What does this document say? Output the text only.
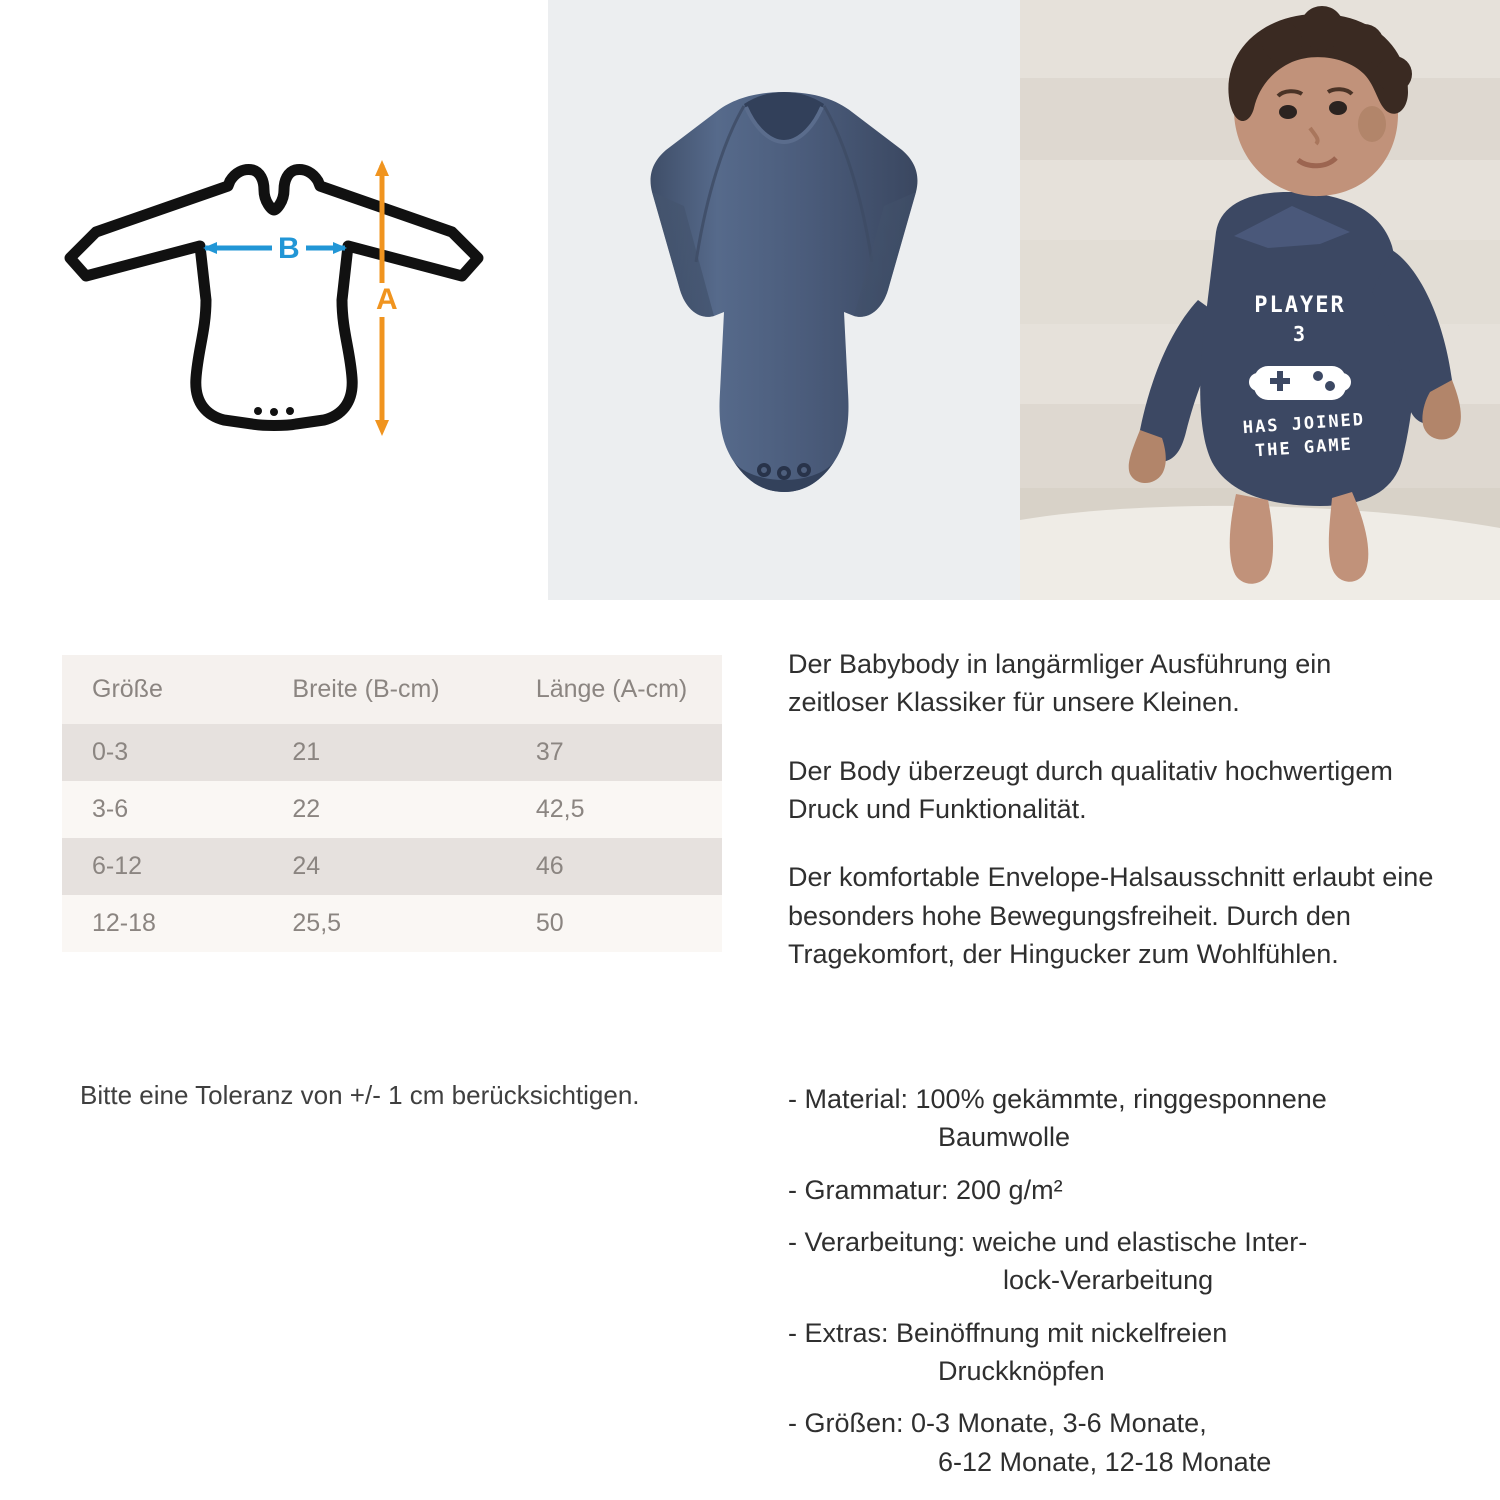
B
A	PLAYER
3
HAS JOINED
THE GAME
Größe	Breite (B-cm)	Länge (A-cm)
0-3	21	37
3-6	22	42,5
6-12	24	46
12-18	25,5	50
Bitte eine Toleranz von +/- 1 cm berücksichtigen.

Der Babybody in langärmliger Ausführung ein zeitloser Klassiker für unsere Kleinen.

Der Body überzeugt durch qualitativ hochwertigem Druck und Funktionalität.

Der komfortable Envelope-Halsausschnitt erlaubt eine besonders hohe Bewegungsfreiheit. Durch den Tragekomfort, der Hingucker zum Wohlfühlen.

- Material: 100% gekämmte, ringgesponnene
Baumwolle
- Grammatur: 200 g/m²
- Verarbeitung: weiche und elastische Inter-
lock-Verarbeitung
- Extras: Beinöffnung mit nickelfreien
Druckknöpfen
- Größen: 0-3 Monate, 3-6 Monate,
6-12 Monate, 12-18 Monate
